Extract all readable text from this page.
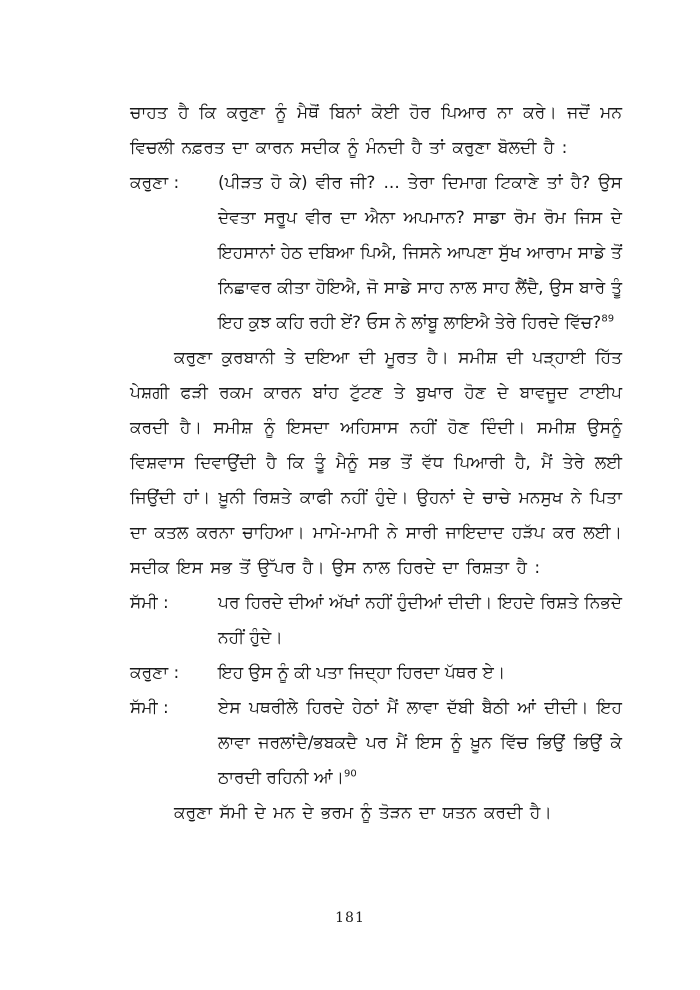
ਚਾਹਤ ਹੈ ਕਿ ਕਰੁਣਾ ਨੂੰ ਮੈਥੋਂ ਬਿਨਾਂ ਕੋਈ ਹੋਰ ਪਿਆਰ ਨਾ ਕਰੇ। ਜਦੋਂ ਮਨ ਵਿਚਲੀ ਨਫ਼ਰਤ ਦਾ ਕਾਰਨ ਸਦੀਕ ਨੂੰ ਮੰਨਦੀ ਹੈ ਤਾਂ ਕਰੁਣਾ ਬੋਲਦੀ ਹੈ :

ਕਰੁਣਾ :	(ਪੀੜਤ ਹੋ ਕੇ) ਵੀਰ ਜੀ? ... ਤੇਰਾ ਦਿਮਾਗ ਟਿਕਾਣੇ ਤਾਂ ਹੈ? ਉਸ ਦੇਵਤਾ ਸਰੂਪ ਵੀਰ ਦਾ ਐਨਾ ਅਪਮਾਨ? ਸਾਡਾ ਰੋਮ ਰੋਮ ਜਿਸ ਦੇ ਇਹਸਾਨਾਂ ਹੇਠ ਦਬਿਆ ਪਿਐ, ਜਿਸਨੇ ਆਪਣਾ ਸੁੱਖ ਆਰਾਮ ਸਾਡੇ ਤੋਂ ਨਿਛਾਵਰ ਕੀਤਾ ਹੋਇਐ, ਜੋ ਸਾਡੇ ਸਾਹ ਨਾਲ ਸਾਹ ਲੈਂਦੈ, ਉਸ ਬਾਰੇ ਤੂੰ ਇਹ ਕੁਝ ਕਹਿ ਰਹੀ ਏਂ? ਓਸ ਨੇ ਲਾਂਬੂ ਲਾਇਐ ਤੇਰੇ ਹਿਰਦੇ ਵਿੱਚ?$^{89}$

ਕਰੁਣਾ ਕੁਰਬਾਨੀ ਤੇ ਦਇਆ ਦੀ ਮੂਰਤ ਹੈ। ਸਮੀਸ਼ ਦੀ ਪੜ੍ਹਾਈ ਹਿੱਤ ਪੇਸ਼ਗੀ ਫੜੀ ਰਕਮ ਕਾਰਨ ਬਾਂਹ ਟੁੱਟਣ ਤੇ ਬੁਖਾਰ ਹੋਣ ਦੇ ਬਾਵਜੂਦ ਟਾਈਪ ਕਰਦੀ ਹੈ। ਸਮੀਸ਼ ਨੂੰ ਇਸਦਾ ਅਹਿਸਾਸ ਨਹੀਂ ਹੋਣ ਦਿੰਦੀ। ਸਮੀਸ਼ ਉਸਨੂੰ ਵਿਸ਼ਵਾਸ ਦਿਵਾਉਂਦੀ ਹੈ ਕਿ ਤੂੰ ਮੈਨੂੰ ਸਭ ਤੋਂ ਵੱਧ ਪਿਆਰੀ ਹੈ, ਮੈਂ ਤੇਰੇ ਲਈ ਜਿਉਂਦੀ ਹਾਂ। ਖ਼ੂਨੀ ਰਿਸ਼ਤੇ ਕਾਫੀ ਨਹੀਂ ਹੁੰਦੇ। ਉਹਨਾਂ ਦੇ ਚਾਚੇ ਮਨਸੁਖ ਨੇ ਪਿਤਾ ਦਾ ਕਤਲ ਕਰਨਾ ਚਾਹਿਆ। ਮਾਮੇ-ਮਾਮੀ ਨੇ ਸਾਰੀ ਜਾਇਦਾਦ ਹੜੱਪ ਕਰ ਲਈ। ਸਦੀਕ ਇਸ ਸਭ ਤੋਂ ਉੱਪਰ ਹੈ। ਉਸ ਨਾਲ ਹਿਰਦੇ ਦਾ ਰਿਸ਼ਤਾ ਹੈ :

ਸੱਮੀ :	ਪਰ ਹਿਰਦੇ ਦੀਆਂ ਅੱਖਾਂ ਨਹੀਂ ਹੁੰਦੀਆਂ ਦੀਦੀ। ਇਹਦੇ ਰਿਸ਼ਤੇ ਨਿਭਦੇ ਨਹੀਂ ਹੁੰਦੇ।

ਕਰੁਣਾ :	ਇਹ ਉਸ ਨੂੰ ਕੀ ਪਤਾ ਜਿਦ੍ਹਾ ਹਿਰਦਾ ਪੱਥਰ ਏ।

ਸੱਮੀ :	ਏਸ ਪਥਰੀਲੇ ਹਿਰਦੇ ਹੇਠਾਂ ਮੈਂ ਲਾਵਾ ਦੱਬੀ ਬੈਠੀ ਆਂ ਦੀਦੀ। ਇਹ ਲਾਵਾ ਜਰਲਾਂਦੈ/ਭਬਕਦੈ ਪਰ ਮੈਂ ਇਸ ਨੂੰ ਖ਼ੂਨ ਵਿੱਚ ਭਿਉਂ ਭਿਉਂ ਕੇ ਠਾਰਦੀ ਰਹਿਨੀ ਆਂ।$^{90}$

ਕਰੁਣਾ ਸੱਮੀ ਦੇ ਮਨ ਦੇ ਭਰਮ ਨੂੰ ਤੋੜਨ ਦਾ ਯਤਨ ਕਰਦੀ ਹੈ।

181
